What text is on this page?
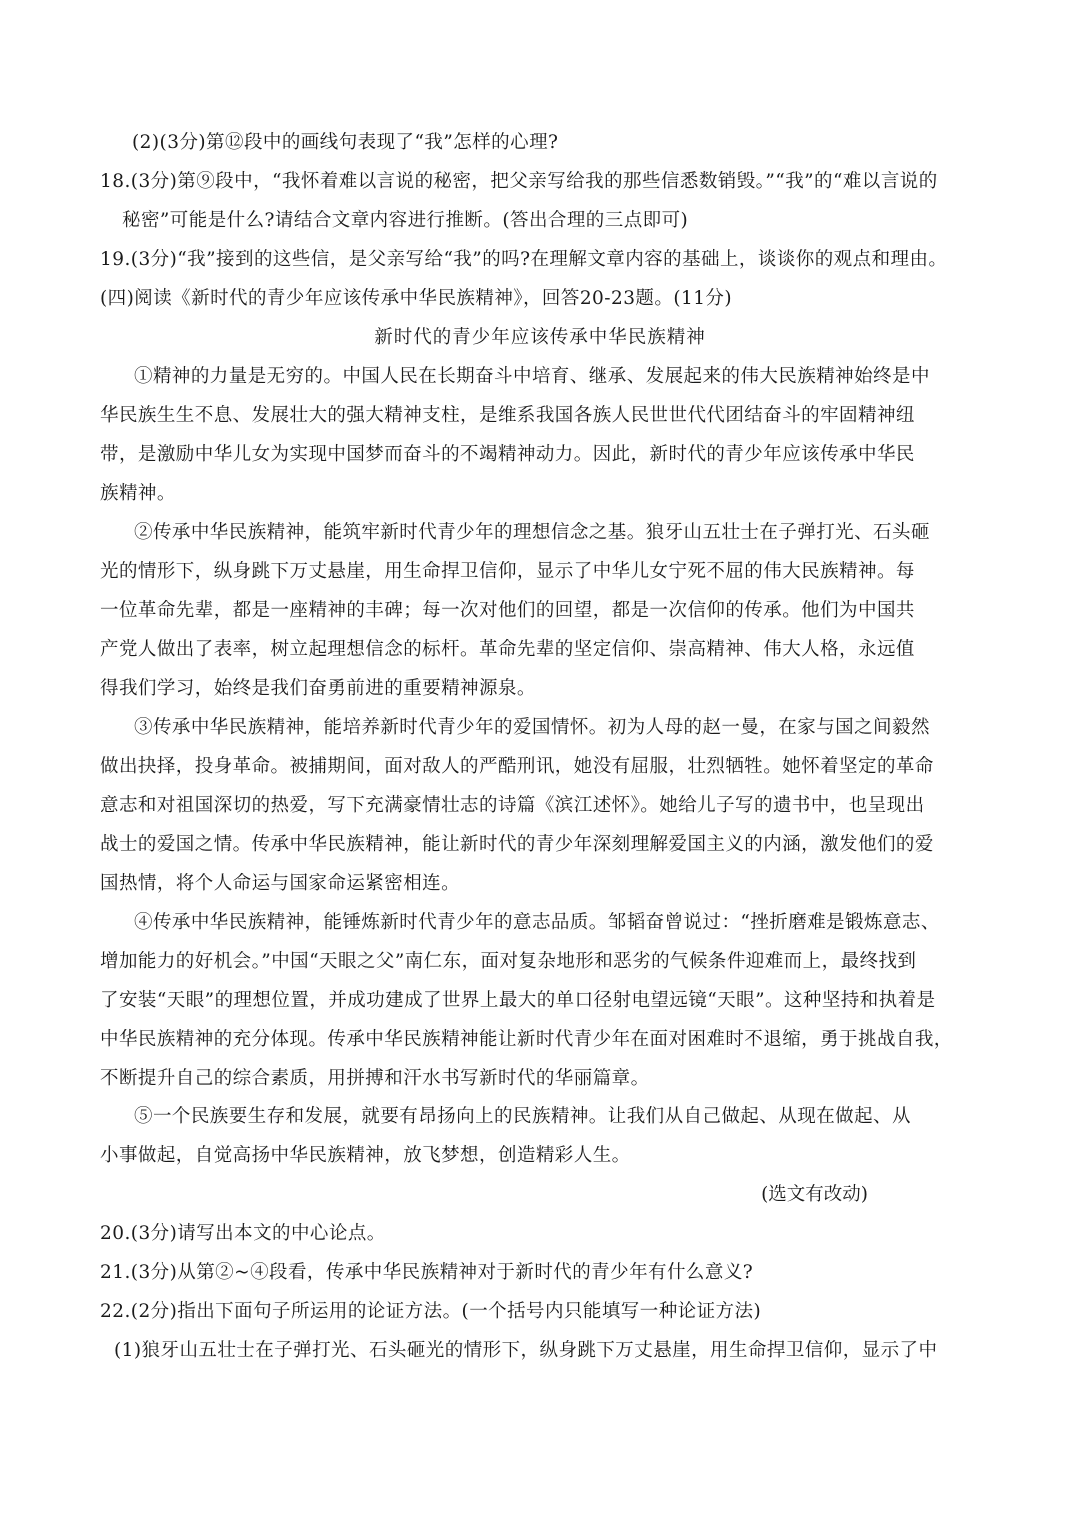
(2)(3分)第⑫段中的画线句表现了“我”怎样的心理?
18.(3分)第⑨段中，“我怀着难以言说的秘密，把父亲写给我的那些信悉数销毁。”“我”的“难以言说的
秘密”可能是什么?请结合文章内容进行推断。(答出合理的三点即可)
19.(3分)“我”接到的这些信，是父亲写给“我”的吗?在理解文章内容的基础上，谈谈你的观点和理由。
(四)阅读《新时代的青少年应该传承中华民族精神》，回答20-23题。(11分)
新时代的青少年应该传承中华民族精神
①精神的力量是无穷的。中国人民在长期奋斗中培育、继承、发展起来的伟大民族精神始终是中
华民族生生不息、发展壮大的强大精神支柱，是维系我国各族人民世世代代团结奋斗的牢固精神纽
带，是激励中华儿女为实现中国梦而奋斗的不竭精神动力。因此，新时代的青少年应该传承中华民
族精神。
②传承中华民族精神，能筑牢新时代青少年的理想信念之基。狼牙山五壮士在子弹打光、石头砸
光的情形下，纵身跳下万丈悬崖，用生命捍卫信仰，显示了中华儿女宁死不屈的伟大民族精神。每
一位革命先辈，都是一座精神的丰碑；每一次对他们的回望，都是一次信仰的传承。他们为中国共
产党人做出了表率，树立起理想信念的标杆。革命先辈的坚定信仰、崇高精神、伟大人格，永远值
得我们学习，始终是我们奋勇前进的重要精神源泉。
③传承中华民族精神，能培养新时代青少年的爱国情怀。初为人母的赵一曼，在家与国之间毅然
做出抉择，投身革命。被捕期间，面对敌人的严酷刑讯，她没有屈服，壮烈牺牲。她怀着坚定的革命
意志和对祖国深切的热爱，写下充满豪情壮志的诗篇《滨江述怀》。她给儿子写的遗书中，也呈现出
战士的爱国之情。传承中华民族精神，能让新时代的青少年深刻理解爱国主义的内涵，激发他们的爱
国热情，将个人命运与国家命运紧密相连。
④传承中华民族精神，能锤炼新时代青少年的意志品质。邹韬奋曾说过：“挫折磨难是锻炼意志、
增加能力的好机会。”中国“天眼之父”南仁东，面对复杂地形和恶劣的气候条件迎难而上，最终找到
了安装“天眼”的理想位置，并成功建成了世界上最大的单口径射电望远镜“天眼”。这种坚持和执着是
中华民族精神的充分体现。传承中华民族精神能让新时代青少年在面对困难时不退缩，勇于挑战自我，
不断提升自己的综合素质，用拼搏和汗水书写新时代的华丽篇章。
⑤一个民族要生存和发展，就要有昂扬向上的民族精神。让我们从自己做起、从现在做起、从
小事做起，自觉高扬中华民族精神，放飞梦想，创造精彩人生。
(选文有改动)
20.(3分)请写出本文的中心论点。
21.(3分)从第②~④段看，传承中华民族精神对于新时代的青少年有什么意义?
22.(2分)指出下面句子所运用的论证方法。(一个括号内只能填写一种论证方法)
(1)狼牙山五壮士在子弹打光、石头砸光的情形下，纵身跳下万丈悬崖，用生命捍卫信仰，显示了中
